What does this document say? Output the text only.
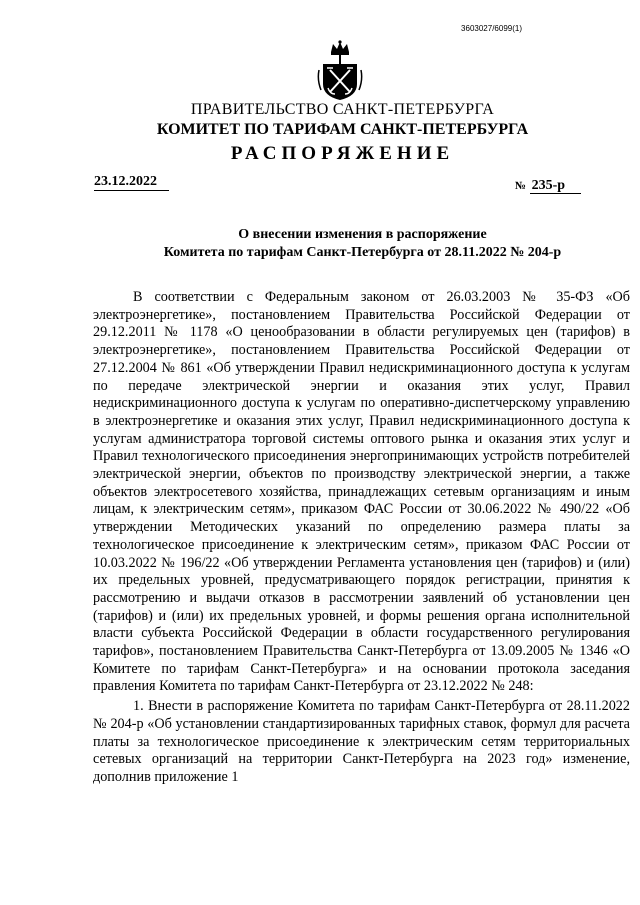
3603027/6099(1)
ПРАВИТЕЛЬСТВО САНКТ-ПЕТЕРБУРГА
КОМИТЕТ ПО ТАРИФАМ САНКТ-ПЕТЕРБУРГА
РАСПОРЯЖЕНИЕ
23.12.2022	№ 235-р
О внесении изменения в распоряжение
Комитета по тарифам Санкт-Петербурга от 28.11.2022 № 204-р

В соответствии с Федеральным законом от 26.03.2003 № 35-ФЗ «Об электроэнергетике», постановлением Правительства Российской Федерации от 29.12.2011 № 1178 «О ценообразовании в области регулируемых цен (тарифов) в электроэнергетике», постановлением Правительства Российской Федерации от 27.12.2004 № 861 «Об утверждении Правил недискриминационного доступа к услугам по передаче электрической энергии и оказания этих услуг, Правил недискриминационного доступа к услугам по оперативно-диспетчерскому управлению в электроэнергетике и оказания этих услуг, Правил недискриминационного доступа к услугам администратора торговой системы оптового рынка и оказания этих услуг и Правил технологического присоединения энергопринимающих устройств потребителей электрической энергии, объектов по производству электрической энергии, а также объектов электросетевого хозяйства, принадлежащих сетевым организациям и иным лицам, к электрическим сетям», приказом ФАС России от 30.06.2022 № 490/22 «Об утверждении Методических указаний по определению размера платы за технологическое присоединение к электрическим сетям», приказом ФАС России от 10.03.2022 № 196/22 «Об утверждении Регламента установления цен (тарифов) и (или) их предельных уровней, предусматривающего порядок регистрации, принятия к рассмотрению и выдачи отказов в рассмотрении заявлений об установлении цен (тарифов) и (или) их предельных уровней, и формы решения органа исполнительной власти субъекта Российской Федерации в области государственного регулирования тарифов», постановлением Правительства Санкт-Петербурга от 13.09.2005 № 1346 «О Комитете по тарифам Санкт-Петербурга» и на основании протокола заседания правления Комитета по тарифам Санкт-Петербурга от 23.12.2022 № 248:

1. Внести в распоряжение Комитета по тарифам Санкт-Петербурга от 28.11.2022 № 204-р «Об установлении стандартизированных тарифных ставок, формул для расчета платы за технологическое присоединение к электрическим сетям территориальных сетевых организаций на территории Санкт-Петербурга на 2023 год» изменение, дополнив приложение 1
